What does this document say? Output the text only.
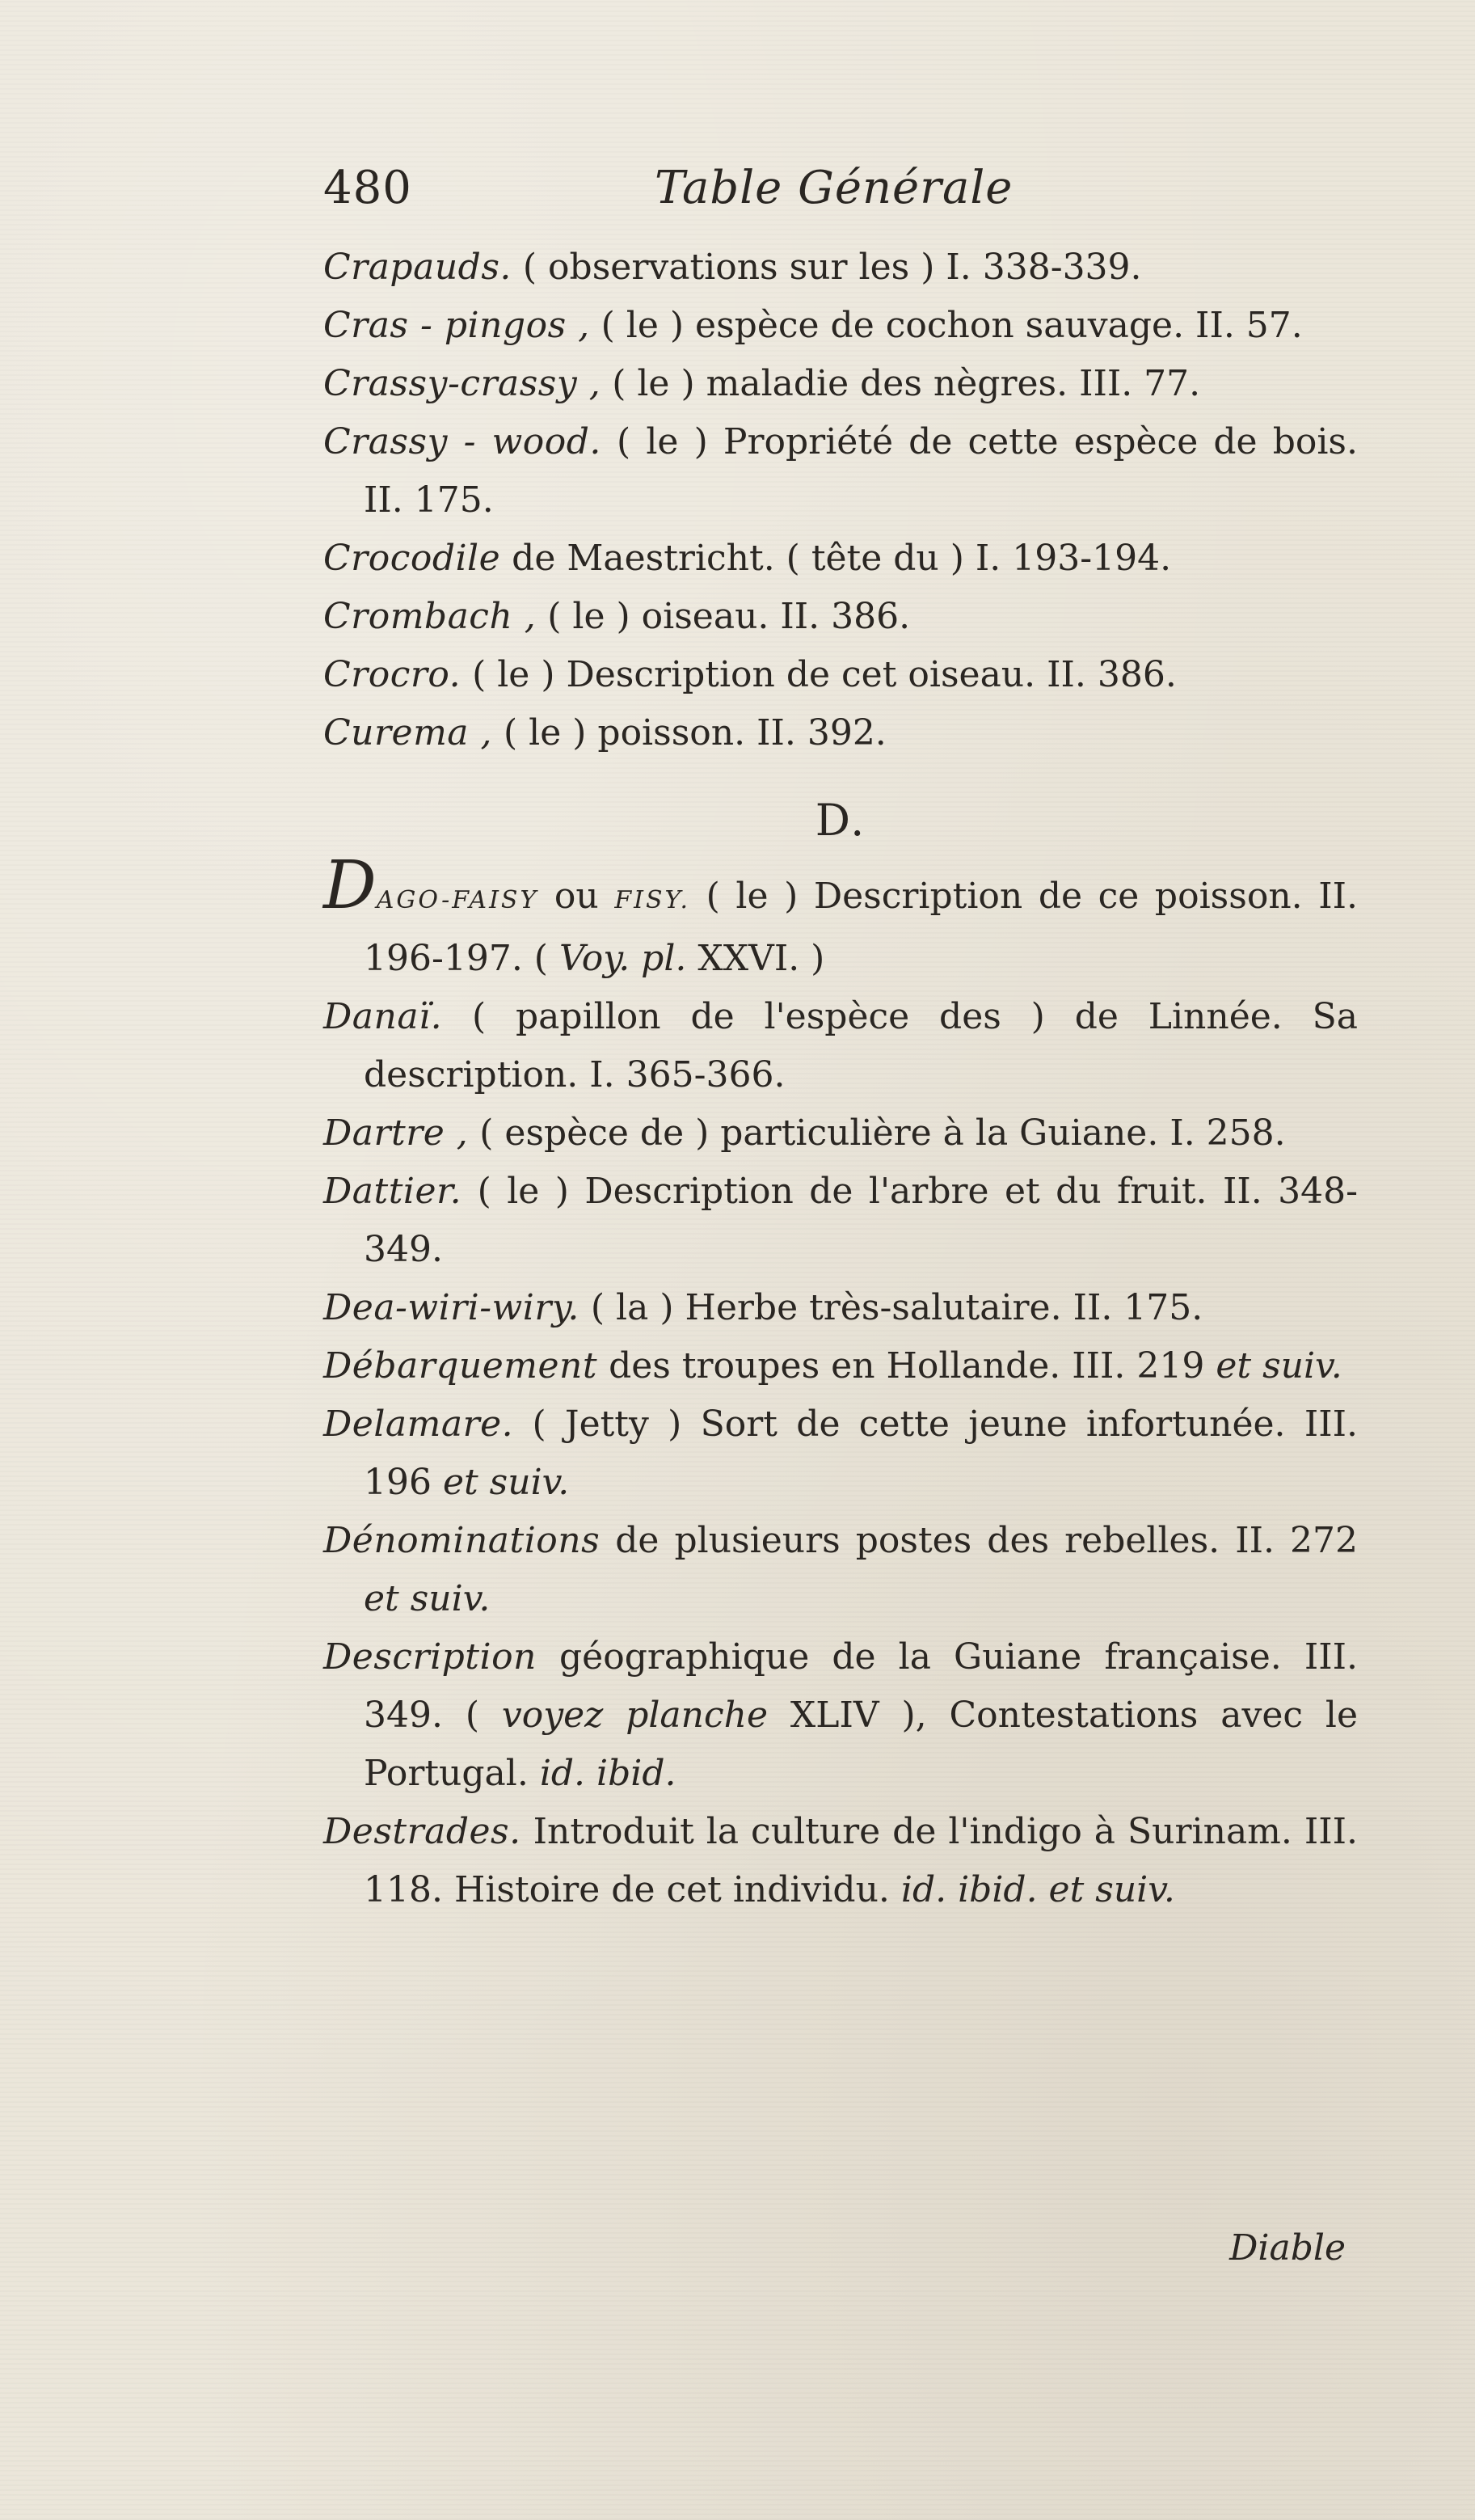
480	Table Générale

Crapauds. ( observations sur les ) I. 338-339.

Cras - pingos , ( le ) espèce de cochon sauvage. II. 57.

Crassy-crassy , ( le ) maladie des nègres. III. 77.

Crassy - wood. ( le ) Propriété de cette espèce de bois. II. 175.

Crocodile de Maestricht. ( tête du ) I. 193-194.

Crombach , ( le ) oiseau. II. 386.

Crocro. ( le ) Description de cet oiseau. II. 386.

Curema , ( le ) poisson. II. 392.

D.

DAGO-FAISY ou FISY. ( le ) Description de ce poisson. II. 196-197. ( Voy. pl. XXVI. )

Danaï. ( papillon de l'espèce des ) de Linnée. Sa description. I. 365-366.

Dartre , ( espèce de ) particulière à la Guiane. I. 258.

Dattier. ( le ) Description de l'arbre et du fruit. II. 348-349.

Dea-wiri-wiry. ( la ) Herbe très-salutaire. II. 175.

Débarquement des troupes en Hollande. III. 219 et suiv.

Delamare. ( Jetty ) Sort de cette jeune infortunée. III. 196 et suiv.

Dénominations de plusieurs postes des rebelles. II. 272 et suiv.

Description géographique de la Guiane française. III. 349. ( voyez planche XLIV ), Contestations avec le Portugal. id. ibid.

Destrades. Introduit la culture de l'indigo à Surinam. III. 118. Histoire de cet individu. id. ibid. et suiv.

Diable
